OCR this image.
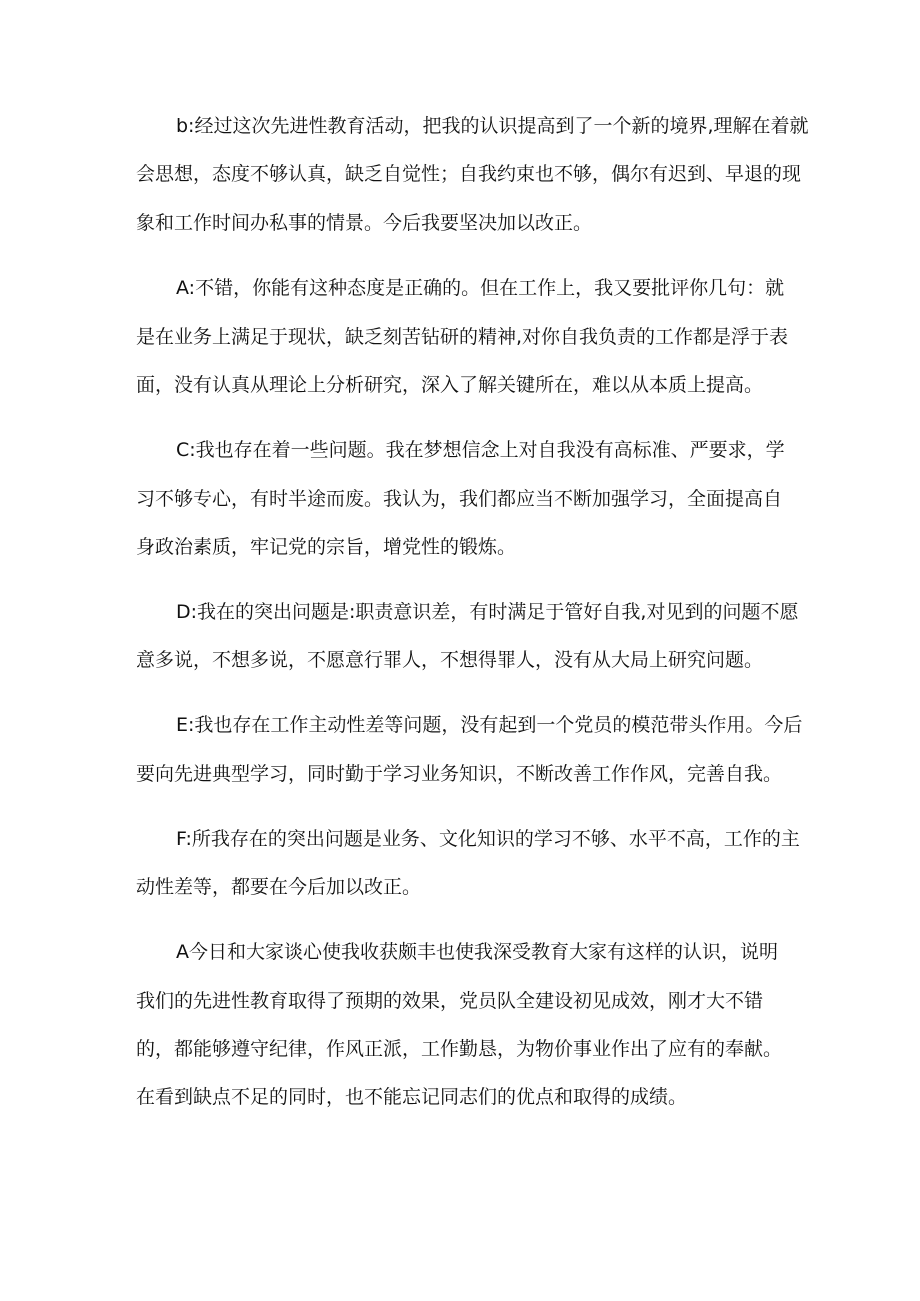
b:经过这次先进性教育活动，把我的认识提高到了一个新的境界,理解在着就
会思想，态度不够认真，缺乏自觉性；自我约束也不够，偶尔有迟到、早退的现
象和工作时间办私事的情景。今后我要坚决加以改正。
A:不错，你能有这种态度是正确的。但在工作上，我又要批评你几句：就
是在业务上满足于现状，缺乏刻苦钻研的精神,对你自我负责的工作都是浮于表
面，没有认真从理论上分析研究，深入了解关键所在，难以从本质上提高。
C:我也存在着一些问题。我在梦想信念上对自我没有高标准、严要求，学
习不够专心，有时半途而废。我认为，我们都应当不断加强学习，全面提高自
身政治素质，牢记党的宗旨，增党性的锻炼。
D:我在的突出问题是:职责意识差，有时满足于管好自我,对见到的问题不愿
意多说，不想多说，不愿意行罪人，不想得罪人，没有从大局上研究问题。
E:我也存在工作主动性差等问题，没有起到一个党员的模范带头作用。今后
要向先进典型学习，同时勤于学习业务知识，不断改善工作作风，完善自我。
F:所我存在的突出问题是业务、文化知识的学习不够、水平不高，工作的主
动性差等，都要在今后加以改正。
A今日和大家谈心使我收获颇丰也使我深受教育大家有这样的认识，说明
我们的先进性教育取得了预期的效果，党员队全建设初见成效，刚才大不错
的，都能够遵守纪律，作风正派，工作勤恳，为物价事业作出了应有的奉献。
在看到缺点不足的同时，也不能忘记同志们的优点和取得的成绩。
